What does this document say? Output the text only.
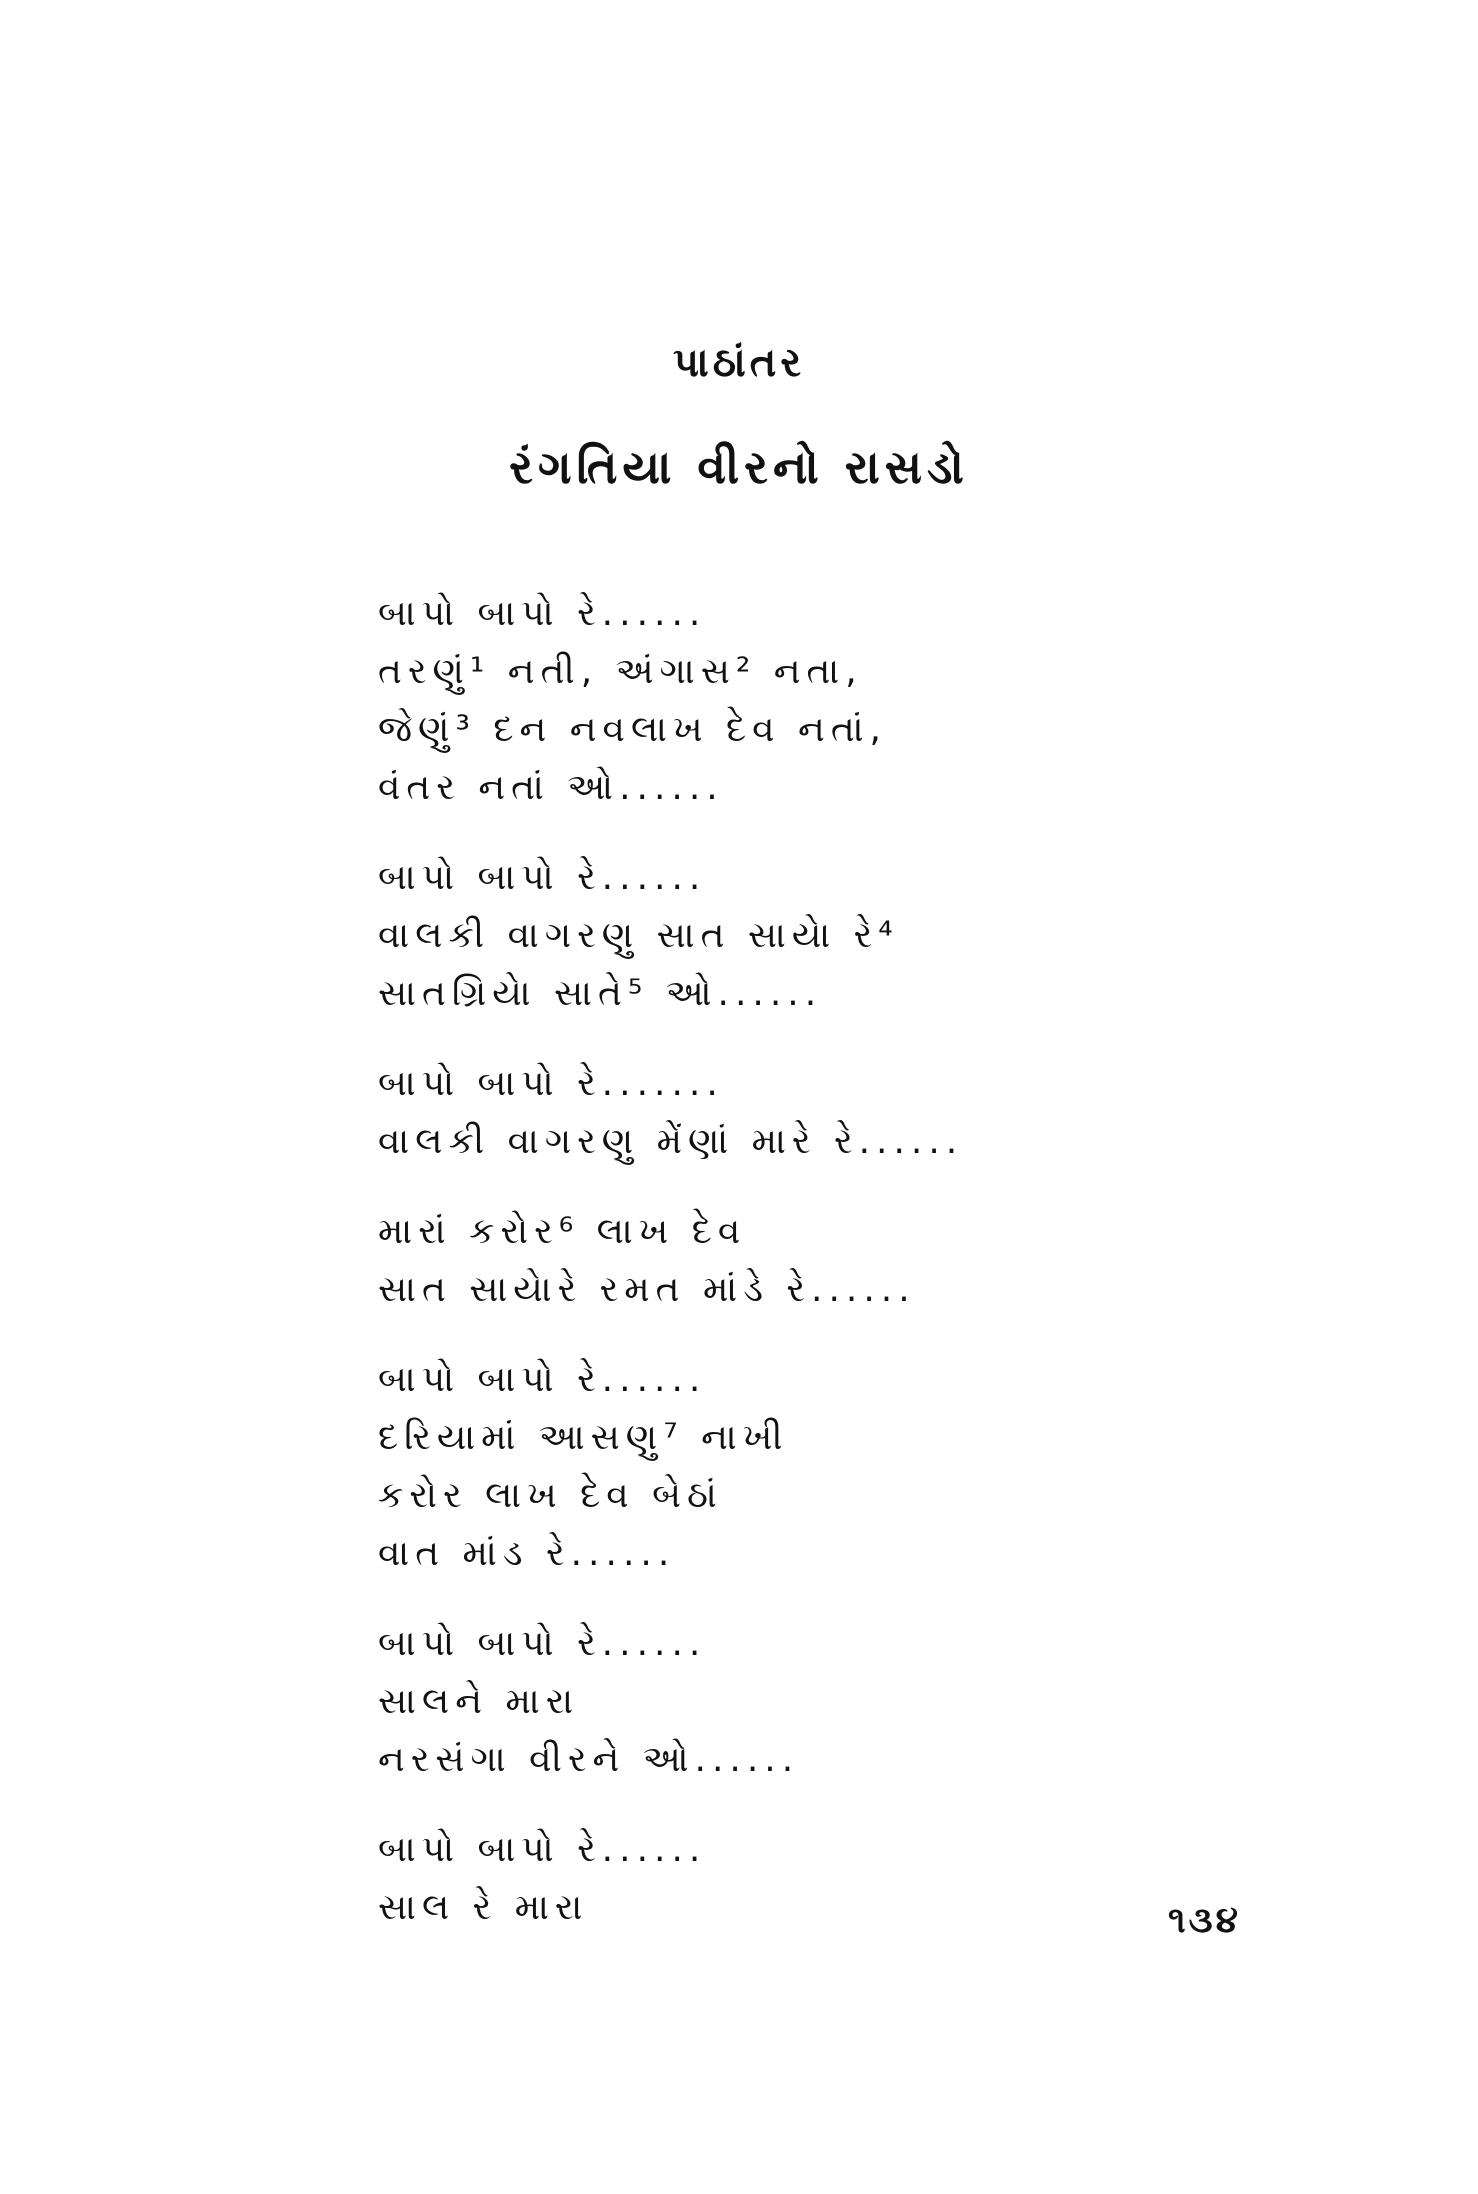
પાઠાંતર
રંગતિયા વીરનો રાસડો
બાપો બાપો રે......
તરણું¹ નતી, અંગાસ² નતા,
જેણું³ દન નવલાખ દેવ નતાં,
વંતર નતાં ઓ......
બાપો બાપો રે......
વાલકી વાગરણુ સાત સાયેા રે⁴
સાતગ્રિયેા સાતે⁵ ઓ......
બાપો બાપો રે.......
વાલકી વાગરણુ મેંણાં મારે રે......
મારાં કરોર⁶ લાખ દેવ
સાત સાયેારે રમત માંડે રે......
બાપો બાપો રે......
દરિયામાં આસણુ⁷ નાખી
કરોર લાખ દેવ બેઠાં
વાત માંડ રે......
બાપો બાપો રે......
સાલને મારા
નરસંગા વીરને ઓ......
બાપો બાપો રે......
સાલ રે મારા	૧૩૪
